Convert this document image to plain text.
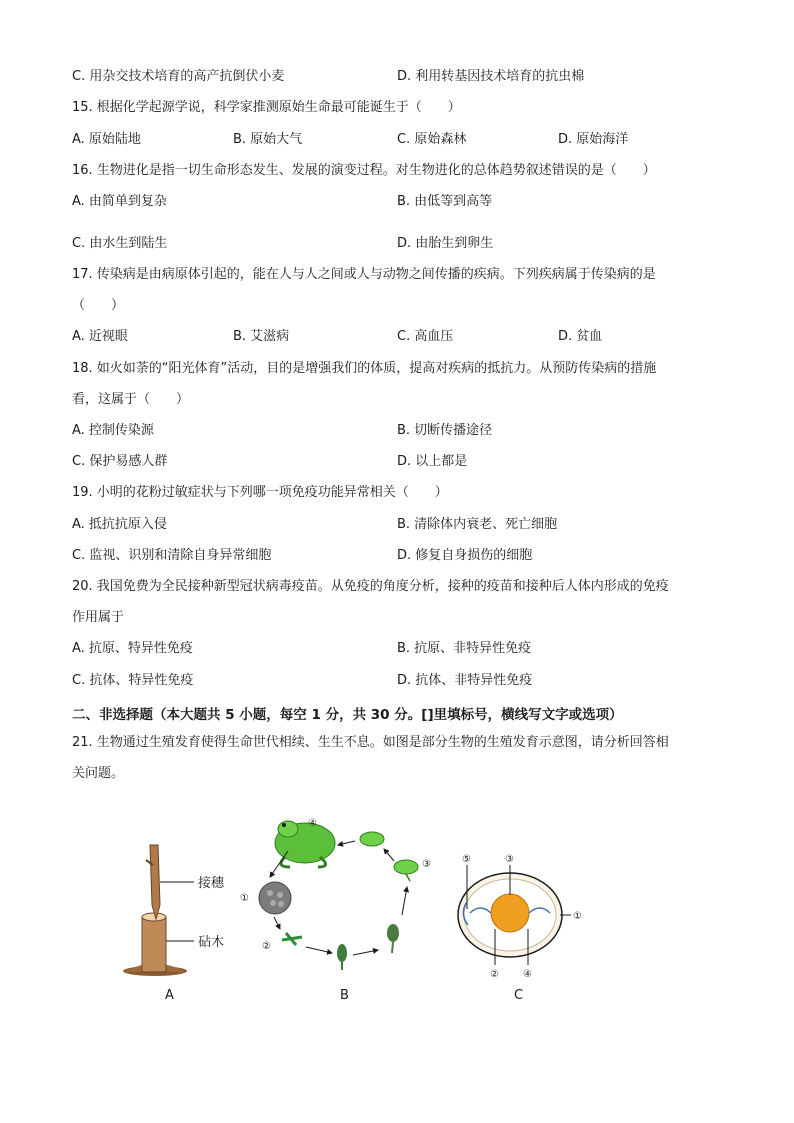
C. 用杂交技术培育的高产抗倒伏小麦	D. 利用转基因技术培育的抗虫棉
15. 根据化学起源学说，科学家推测原始生命最可能诞生于（　　）
A. 原始陆地	B. 原始大气	C. 原始森林	D. 原始海洋
16. 生物进化是指一切生命形态发生、发展的演变过程。对生物进化的总体趋势叙述错误的是（　　）
A. 由简单到复杂	B. 由低等到高等
C. 由水生到陆生	D. 由胎生到卵生
17. 传染病是由病原体引起的，能在人与人之间或人与动物之间传播的疾病。下列疾病属于传染病的是
（　　）
A. 近视眼	B. 艾滋病	C. 高血压	D. 贫血
18. 如火如荼的“阳光体育”活动，目的是增强我们的体质，提高对疾病的抵抗力。从预防传染病的措施
看，这属于（　　）
A. 控制传染源	B. 切断传播途径
C. 保护易感人群	D. 以上都是
19. 小明的花粉过敏症状与下列哪一项免疫功能异常相关（　　）
A. 抵抗抗原入侵	B. 清除体内衰老、死亡细胞
C. 监视、识别和清除自身异常细胞	D. 修复自身损伤的细胞
20. 我国免费为全民接种新型冠状病毒疫苗。从免疫的角度分析，接种的疫苗和接种后人体内形成的免疫
作用属于
A. 抗原、特异性免疫	B. 抗原、非特异性免疫
C. 抗体、特异性免疫	D. 抗体、非特异性免疫
二、非选择题（本大题共 5 小题，每空 1 分，共 30 分。[]里填标号，横线写文字或选项）
21. 生物通过生殖发育使得生命世代相续、生生不息。如图是部分生物的生殖发育示意图，请分析回答相
关问题。
接穗
砧木
A
④
③
①
②
B
⑤	③
①
② ④
C
